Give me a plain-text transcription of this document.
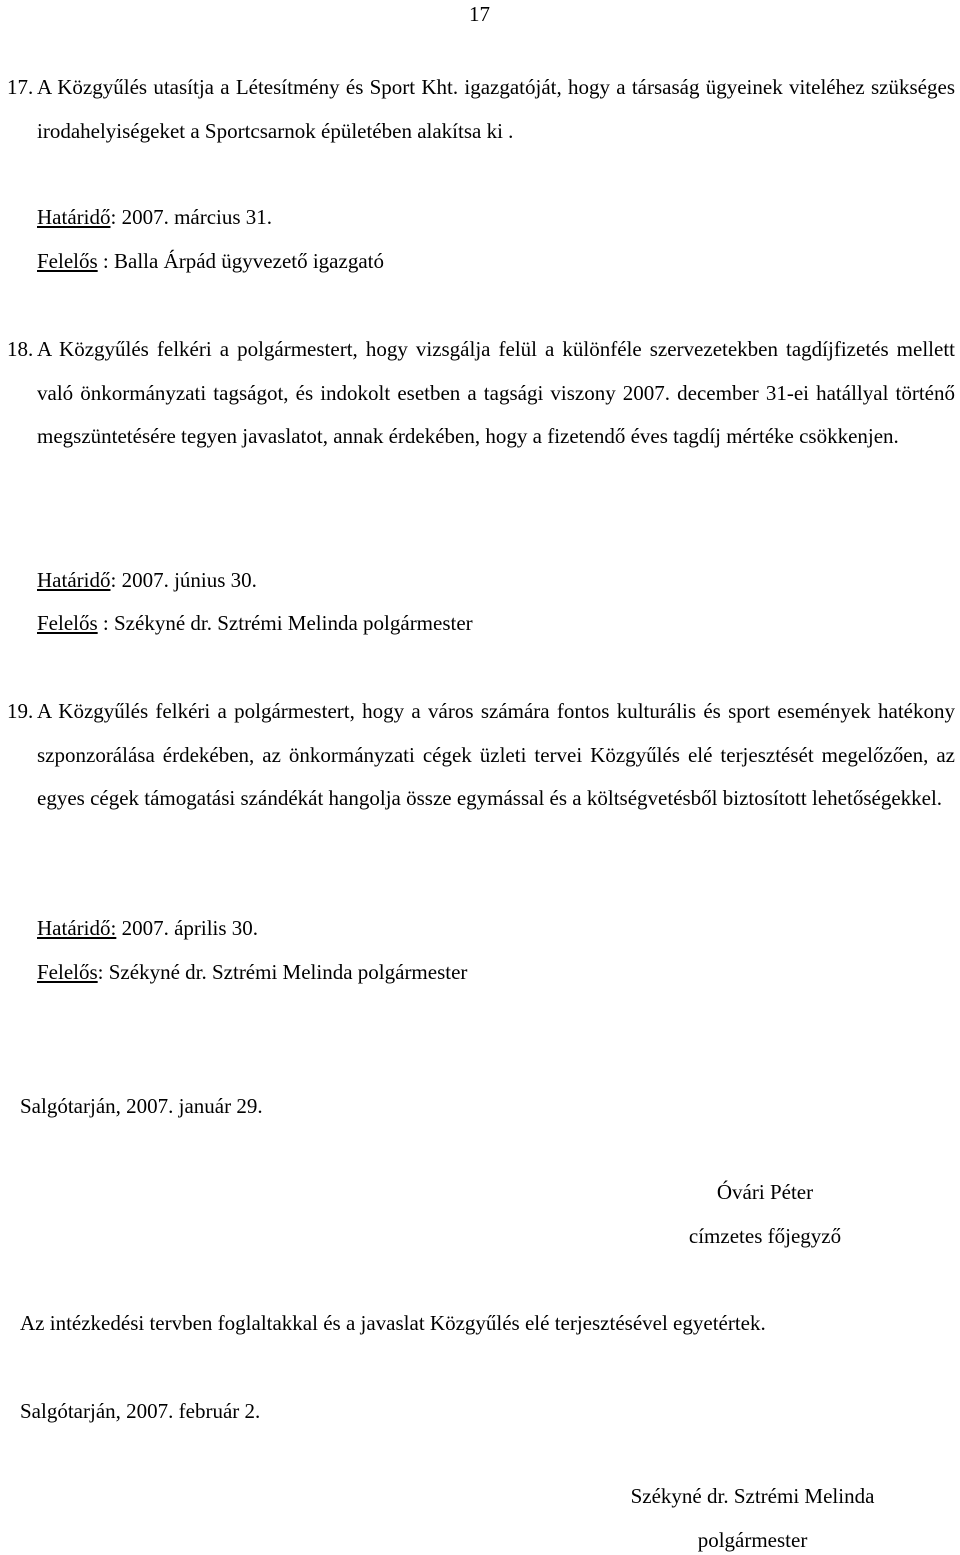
17
17. A Közgyűlés utasítja a Létesítmény és Sport Kht. igazgatóját, hogy a társaság ügyeinek viteléhez szükséges irodahelyiségeket a Sportcsarnok épületében alakítsa ki .
Határidő: 2007. március 31.
Felelős : Balla Árpád ügyvezető igazgató
18. A Közgyűlés felkéri a polgármestert, hogy vizsgálja felül a különféle szervezetekben tagdíjfizetés mellett való önkormányzati tagságot, és indokolt esetben a tagsági viszony 2007. december 31-ei hatállyal történő megszüntetésére tegyen javaslatot, annak érdekében, hogy a fizetendő éves tagdíj mértéke csökkenjen.
Határidő: 2007. június 30.
Felelős : Székyné dr. Sztrémi Melinda polgármester
19. A Közgyűlés felkéri a polgármestert, hogy a város számára fontos kulturális és sport események hatékony szponzorálása érdekében, az önkormányzati cégek üzleti tervei Közgyűlés elé terjesztését megelőzően, az egyes cégek támogatási szándékát hangolja össze egymással és a költségvetésből biztosított lehetőségekkel.
Határidő: 2007. április 30.
Felelős: Székyné dr. Sztrémi Melinda polgármester
Salgótarján, 2007. január 29.
Óvári Péter
címzetes főjegyző
Az intézkedési tervben foglaltakkal és a javaslat Közgyűlés elé terjesztésével egyetértek.
Salgótarján, 2007. február 2.
Székyné dr. Sztrémi Melinda
polgármester
